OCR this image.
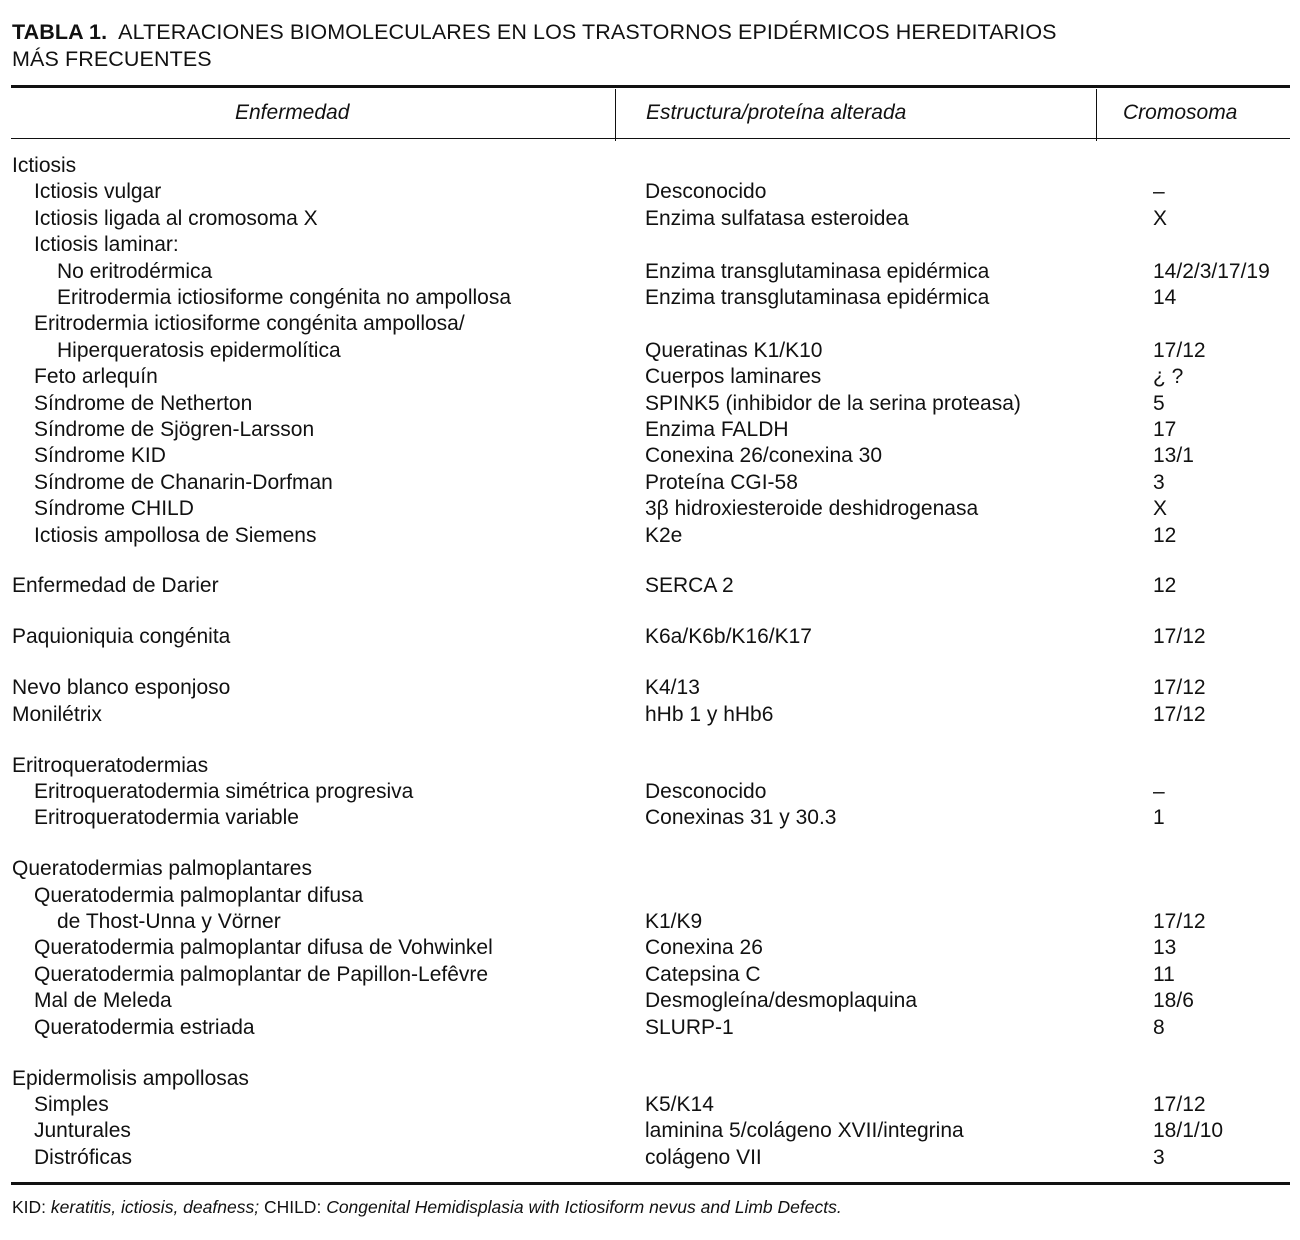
TABLA 1. ALTERACIONES BIOMOLECULARES EN LOS TRASTORNOS EPIDÉRMICOS HEREDITARIOS
MÁS FRECUENTES
Enfermedad	Estructura/proteína alterada	Cromosoma
Ictiosis
Ictiosis vulgar	Desconocido	–
Ictiosis ligada al cromosoma X	Enzima sulfatasa esteroidea	X
Ictiosis laminar:
No eritrodérmica	Enzima transglutaminasa epidérmica	14/2/3/17/19
Eritrodermia ictiosiforme congénita no ampollosa	Enzima transglutaminasa epidérmica	14
Eritrodermia ictiosiforme congénita ampollosa/
Hiperqueratosis epidermolítica	Queratinas K1/K10	17/12
Feto arlequín	Cuerpos laminares	¿ ?
Síndrome de Netherton	SPINK5 (inhibidor de la serina proteasa)	5
Síndrome de Sjögren-Larsson	Enzima FALDH	17
Síndrome KID	Conexina 26/conexina 30	13/1
Síndrome de Chanarin-Dorfman	Proteína CGI-58	3
Síndrome CHILD	3β hidroxiesteroide deshidrogenasa	X
Ictiosis ampollosa de Siemens	K2e	12
Enfermedad de Darier	SERCA 2	12
Paquioniquia congénita	K6a/K6b/K16/K17	17/12
Nevo blanco esponjoso	K4/13	17/12
Monilétrix	hHb 1 y hHb6	17/12
Eritroqueratodermias
Eritroqueratodermia simétrica progresiva	Desconocido	–
Eritroqueratodermia variable	Conexinas 31 y 30.3	1
Queratodermias palmoplantares
Queratodermia palmoplantar difusa
de Thost-Unna y Vörner	K1/K9	17/12
Queratodermia palmoplantar difusa de Vohwinkel	Conexina 26	13
Queratodermia palmoplantar de Papillon-Lefêvre	Catepsina C	11
Mal de Meleda	Desmogleína/desmoplaquina	18/6
Queratodermia estriada	SLURP-1	8
Epidermolisis ampollosas
Simples	K5/K14	17/12
Junturales	laminina 5/colágeno XVII/integrina	18/1/10
Distróficas	colágeno VII	3
KID: keratitis, ictiosis, deafness; CHILD: Congenital Hemidisplasia with Ictiosiform nevus and Limb Defects.
